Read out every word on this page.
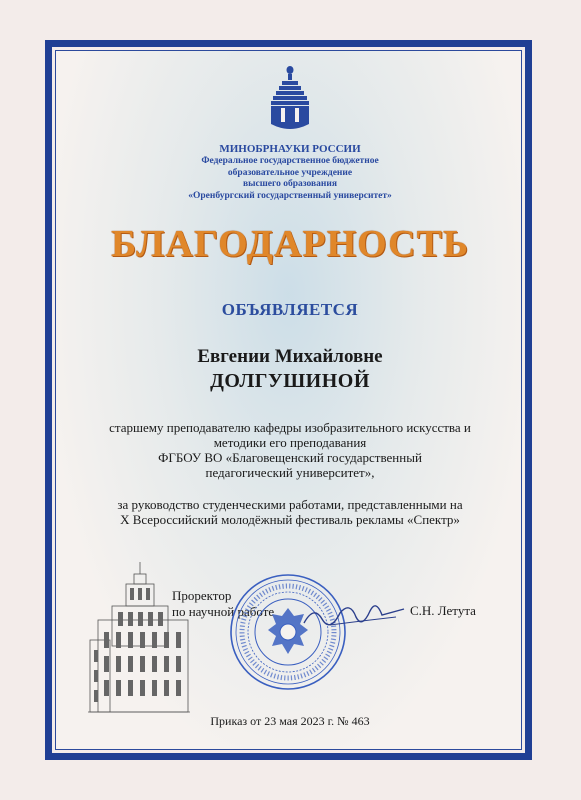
МИНОБРНАУКИ РОССИИ
Федеральное государственное бюджетное
образовательное учреждение
высшего образования
«Оренбургский государственный университет»
БЛАГОДАРНОСТЬ
ОБЪЯВЛЯЕТСЯ
Евгении Михайловне
ДОЛГУШИНОЙ
старшему преподавателю кафедры изобразительного искусства и
методики его преподавания
ФГБОУ ВО «Благовещенский государственный
педагогический университет»,
за руководство студенческими работами, представленными на
X Всероссийский молодёжный фестиваль рекламы «Спектр»
Проректор
по научной работе	С.Н. Летута
Приказ от 23 мая 2023 г. № 463
